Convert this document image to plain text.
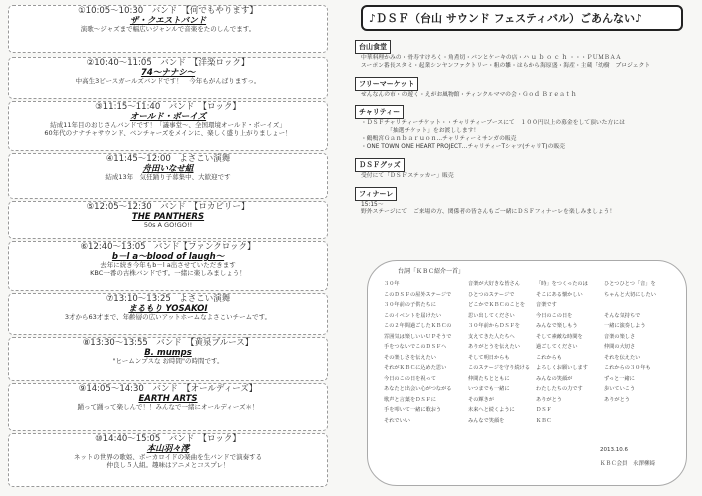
①10:05～10:30　バンド　【何でもやります】
ザ・クエストバンド
演歌～ジャズまで幅広いジャンルで音楽をたのしんでます。
②10:40～11:05　バンド　【洋楽ロック】
74～ナナシ～
中高生3ピースガールズバンドです！　今年もがんばりますっ。
③11:15～11:40　バンド　【ロック】
オールド・ボーイズ
結成11年目のおじさんバンドです！「議事堂～、全国環境オールド・ボーイズ」
60年代のナナチャサウンド、ベンチャーズをメインに、楽しく盛り上がりましょー！
④11:45～12:00　よさこい演舞
舟田いなせ組
結成13年　気狂踊り子募集中、大歓迎です
⑤12:05～12:30　バンド　【ロカビリー】
THE PANTHERS
50s A GO!GO!!
⑥12:40～13:05　バンド【ファンクロック】
b－l a～blood of laugh～
去年に続き今年もb－l a出させていただきます
KBC一番の古株バンドです。一緒に楽しみましょう！
⑦13:10～13:25　よさこい演舞
まるもり YOSAKOI
3才から63才まで、年齢層の広いアットホームなよさこいチームです。
⑧13:30～13:55　バンド　【黄泉ブルース】
B. mumps
"ヒームンプスな お時間"の時間です。
⑨14:05～14:30　バンド　【オールディーズ】
EARTH ARTS
踊って踊って楽しんで！！みんなで一緒にオールディーズ＊！
⑩14:40～15:05　バンド　【ロック】
本山羽々澪
ネットの世界の歌姫、ボーカロイドの楽曲を生バンドで演奏する
仲良し５人組。趣味はアニメとコスプレ！
♪ＤＳＦ（台山 サウンド フェスティバル）ごあんない♪
台山食堂
中華料理かみの・骨寿すけろく・角煮切・パンとケーキの店・ハ ｕ ｂ ｏ ｃ ｈ ・・・ＰＵＭＢＡＡ
スーポン番長スタミ・起業シンヤンファクトリー・粗の雛・はらから海原盛・海産・主蔵「幼樹　プロジェクト
フリーマーケット
せんなんの市・の遊く・えがお風物館・ティンクルママの会・Ｇｏｄ Ｂｒｅａｔｈ
チャリティー
・ＤＳＦチャリティーチケット・・チャリティーブースにて　１００円以上の募金をして頂いた方には
　　　　　「抽選チケット」をお渡しします！
・鶴鴨宮Ｇａｎｂａｒｕｏｎ…チャリティーミサンガの販売
・ONE TOWN ONE HEART PROJECT…チャリティーTシャツ(チャリT)の販売
ＤＳＦグッズ
受付にて「ＤＳＦステッカー」販売
フィナーレ
15:15～
野外ステージにて　ご来場の方、関係者の皆さんもご一緒にＤＳＦフィナーレを楽しみましょう！
台詞「ＫＢＣ紹介一首」
３０年
このＤＳＦの屋外ステージで
３０年前の子供たちに
このイベントを届けたい
この２年間過ごしたＫＢＣの
雰囲気は楽しいいＵＰそうで
手をつないでこのＤＳＦへ
その楽しさを伝えたい
それがＫＢＣに込めた思い
今日のこの日を祝って
あなたと出会い心がつながる
歌声と言葉をＤＳＦに
手を叩いて一緒に歌おう
それでいい
音楽が大好きな皆さん
ひとつのステージで
どこかでＫＢＣのことを
思い出してください
３０年前からＤＳＦを
支えてきた人たちへ
ありがとうを伝えたい
そして明日からも
このステージを守り続ける
仲間たちとともに
いつまでも一緒に
その輝きが
未来へと続くように
みんなで笑顔を
「時」をつくったのは
そこにある懐かしい
音楽です
今日のこの日を
みんなで楽しもう
そして素敵な時間を
過ごしてください
これからも
よろしくお願いします
みんなの笑顔が
わたしたちの力です
ありがとう
ＤＳＦ
ＫＢＣ
ひとつひとつ「音」を
ちゃんと大切にしたい
そんな気持ちで
一緒に演奏しよう
音楽の楽しさ
仲間の大切さ
それを伝えたい
これからの３０年も
ずっと一緒に
歩いていこう
ありがとう
2013.10.6
ＫＢＣ会員　永澤柳綺
